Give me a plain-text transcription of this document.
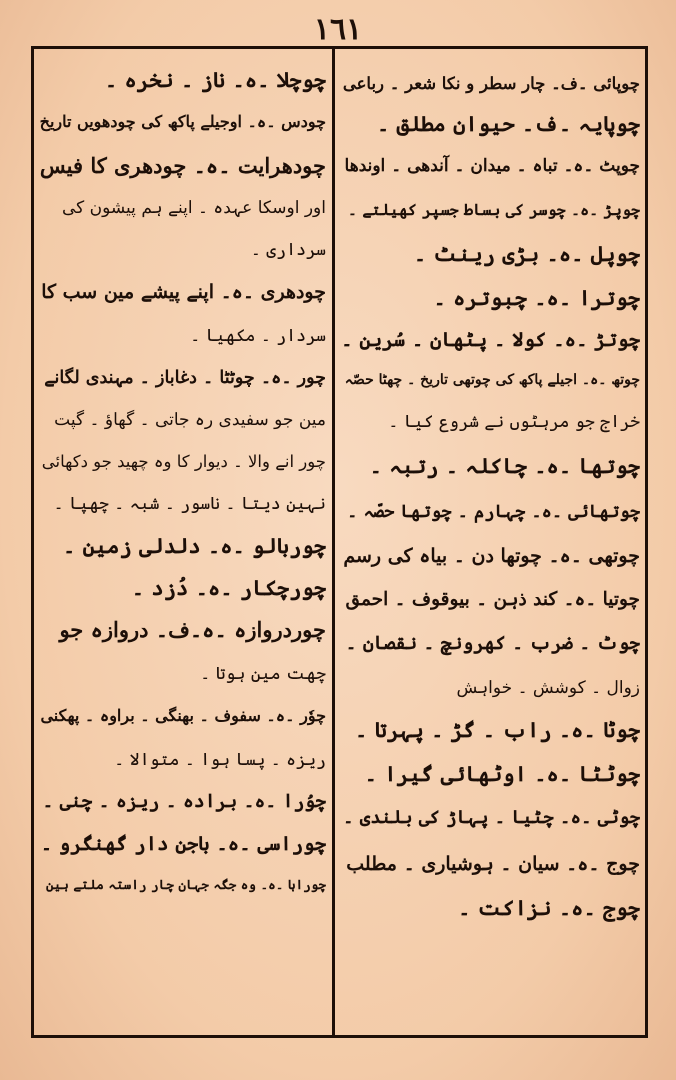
١٦١
چوپائی ۔ف۔ چار سطر و نکا شعر ۔ رباعی
چوپایہ ۔ف۔ حیوان مطلق ۔
چوپٹ ۔ہ۔ تباہ ۔ میدان ۔ آندھی ۔ اوندھا
چوپڑ ۔ہ۔ چوسر کی بساط جسپر کھیلتے ۔
چوپل ۔ہ۔ بڑی رینٹ ۔
چوترا ۔ہ۔ چبوترہ ۔
چوتڑ ۔ہ۔ کولا ۔ پٹھان ۔ سُرین ۔
چوتھ ۔ہ۔ اجیلے پاکھ کی چوتھی تاریخ ۔ چھٹا حصّہ
خراج جو مرہٹوں نے شروع کیا ۔
چوتھا ۔ہ۔ چاکلہ ۔ رتبہ ۔
چوتھائی ۔ہ۔ چہارم ۔ چوتھا حصّہ ۔
چوتھی ۔ہ۔ چوتھا دن ۔ بیاہ کی رسم
چوتیا ۔ہ۔ کند ذہن ۔ بیوقوف ۔ احمق
چوٹ ۔ ضرب ۔ کھرونچ ۔ نقصان ۔
زوال ۔ کوشش ۔ خواہش
چوٹا ۔ہ۔ راب ۔ گڑ ۔ پہرتا ۔
چوٹٹا ۔ہ۔ اوٹھائی گیرا ۔
چوٹی ۔ہ۔ چٹیا ۔ پہاڑ کی بلندی ۔
چوج ۔ہ۔ سیان ۔ ہوشیاری ۔ مطلب
چوج ۔ہ۔ نزاکت ۔
چوچلا ۔ہ۔ ناز ۔ نخرہ ۔
چودس ۔ہ۔ اوجیلے پاکھ کی چودھویں تاریخ
چودھرایت ۔ہ۔ چودھری کا فیس
اور اوسکا عہدہ ۔ اپنے ہم پیشون کی
سرداری ۔
چودھری ۔ہ۔ اپنے پیشے مین سب کا
سردار ۔ مکھیا ۔
چور ۔ہ۔ چوٹٹا ۔ دغاباز ۔ مہندی لگانے
مین جو سفیدی رہ جاتی ۔ گھاؤ ۔ گپت
چور انے والا ۔ دیوار کا وہ چھید جو دکھائی
نہین دیتا ۔ ناسور ۔ شبہ ۔ چھپا ۔
چوربالو ۔ہ۔ دلدلی زمین ۔
چورچکار ۔ہ۔ دُزد ۔
چوردروازہ ۔ہ۔ف۔ دروازہ جو
چھت مین ہوتا ۔
چوٗر ۔ہ۔ سفوف ۔ بھنگی ۔ براوہ ۔ پھکنی
ریزہ ۔ پسا ہوا ۔ متوالا ۔
چوُرا ۔ہ۔ برادہ ۔ ریزہ ۔ چنی ۔
چوراسی ۔ہ۔ باجن دار گھنگرو ۔
چوراہا ۔ہ۔ وہ جگہ جہان چار راستہ ملتے ہین
